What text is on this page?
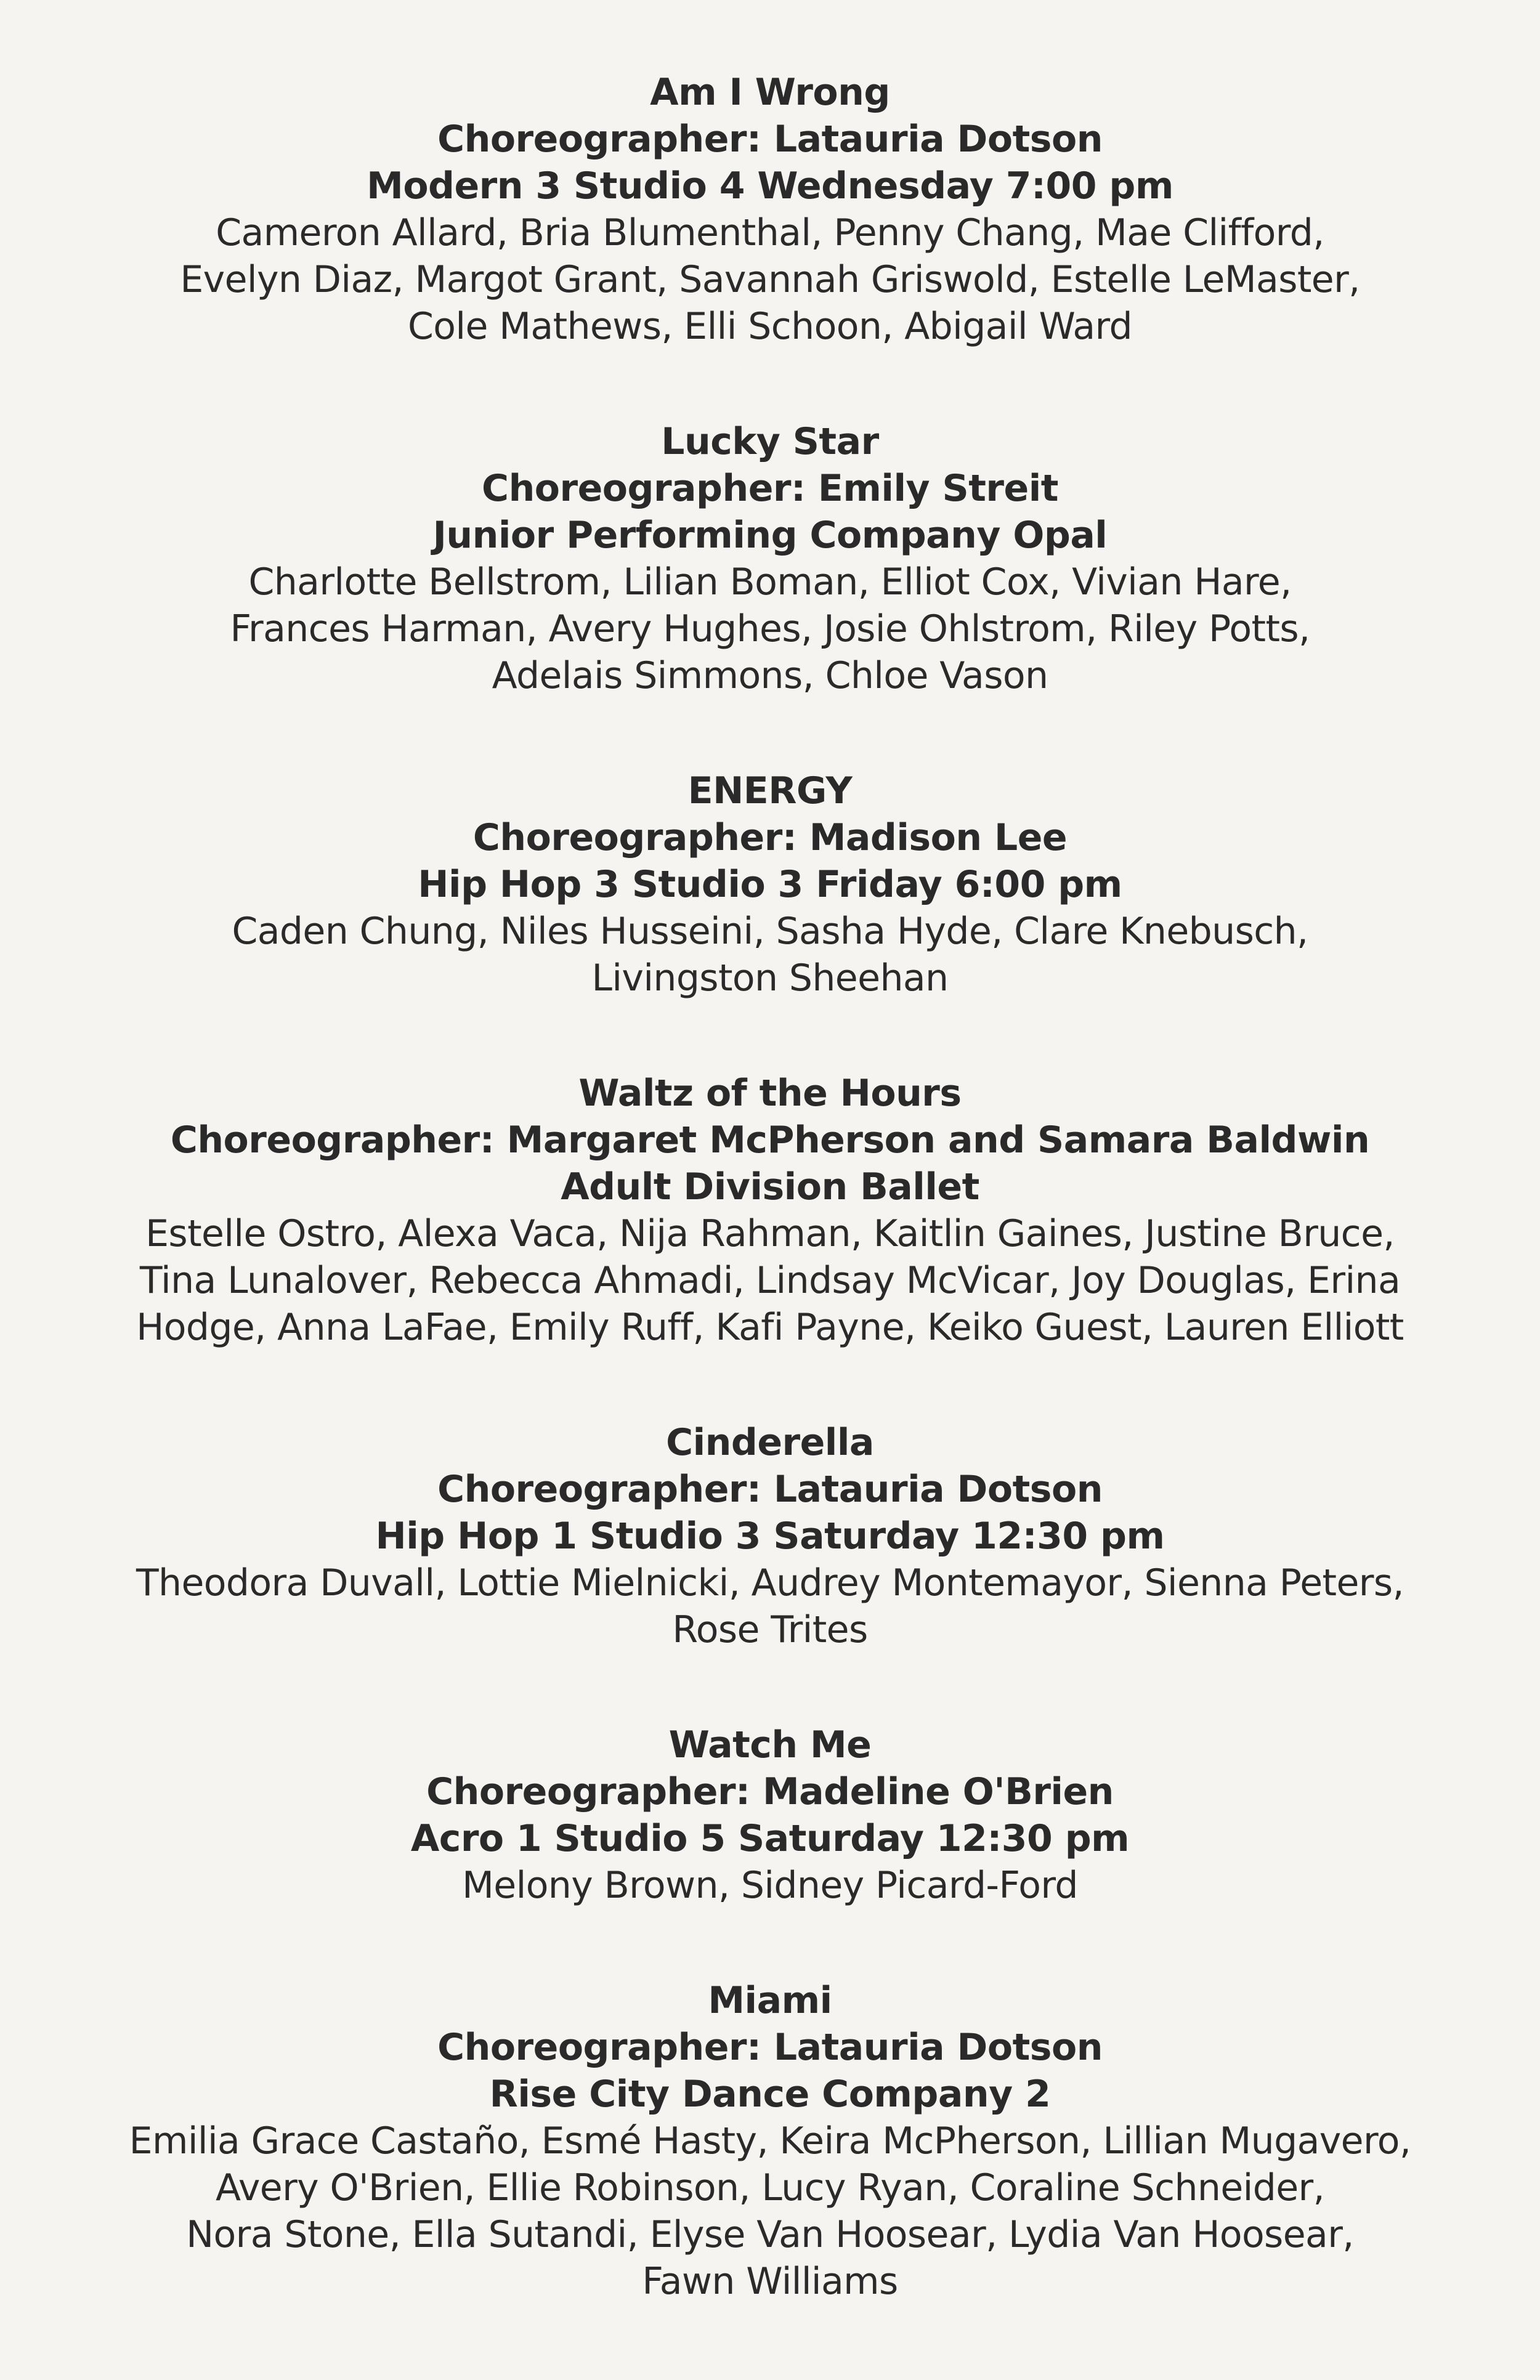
Am I Wrong
Choreographer: Latauria Dotson
Modern 3 Studio 4 Wednesday 7:00 pm
Cameron Allard, Bria Blumenthal, Penny Chang, Mae Clifford,
Evelyn Diaz, Margot Grant, Savannah Griswold, Estelle LeMaster,
Cole Mathews, Elli Schoon, Abigail Ward
Lucky Star
Choreographer: Emily Streit
Junior Performing Company Opal
Charlotte Bellstrom, Lilian Boman, Elliot Cox, Vivian Hare,
Frances Harman, Avery Hughes, Josie Ohlstrom, Riley Potts,
Adelais Simmons, Chloe Vason
ENERGY
Choreographer: Madison Lee
Hip Hop 3 Studio 3 Friday 6:00 pm
Caden Chung, Niles Husseini, Sasha Hyde, Clare Knebusch,
Livingston Sheehan
Waltz of the Hours
Choreographer: Margaret McPherson and Samara Baldwin
Adult Division Ballet
Estelle Ostro, Alexa Vaca, Nija Rahman, Kaitlin Gaines, Justine Bruce,
Tina Lunalover, Rebecca Ahmadi, Lindsay McVicar, Joy Douglas, Erina
Hodge, Anna LaFae, Emily Ruff, Kafi Payne, Keiko Guest, Lauren Elliott
Cinderella
Choreographer: Latauria Dotson
Hip Hop 1 Studio 3 Saturday 12:30 pm
Theodora Duvall, Lottie Mielnicki, Audrey Montemayor, Sienna Peters,
Rose Trites
Watch Me
Choreographer: Madeline O'Brien
Acro 1 Studio 5 Saturday 12:30 pm
Melony Brown, Sidney Picard-Ford
Miami
Choreographer: Latauria Dotson
Rise City Dance Company 2
Emilia Grace Castaño, Esmé Hasty, Keira McPherson, Lillian Mugavero,
Avery O'Brien, Ellie Robinson, Lucy Ryan, Coraline Schneider,
Nora Stone, Ella Sutandi, Elyse Van Hoosear, Lydia Van Hoosear,
Fawn Williams
